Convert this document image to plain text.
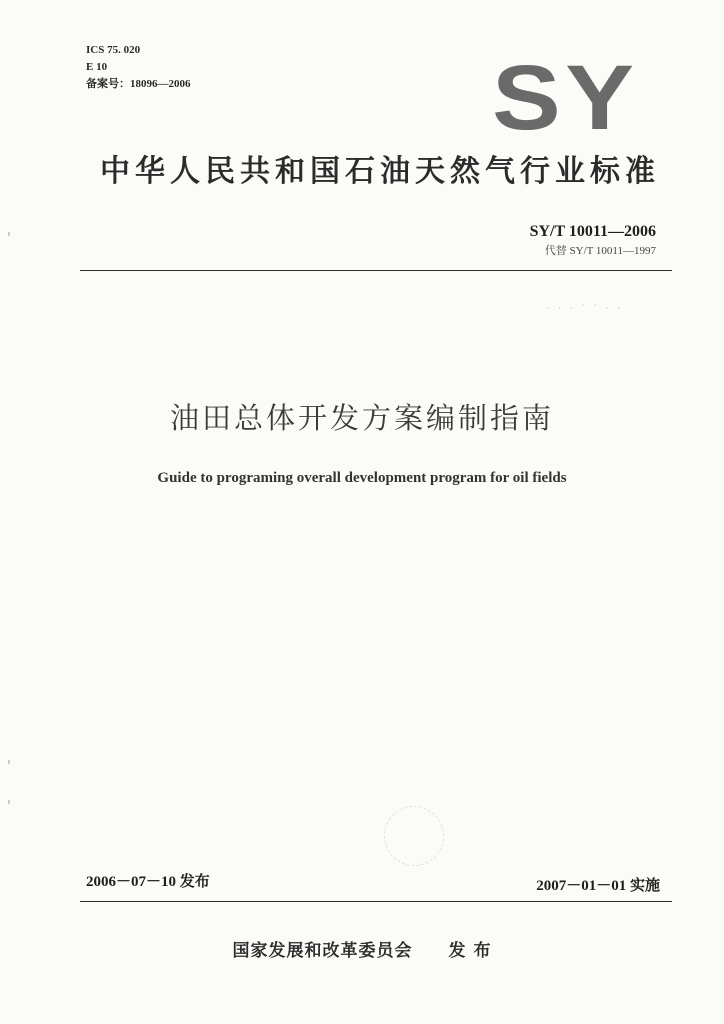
ICS 75. 020
E 10
备案号：18096—2006	SY
中华人民共和国石油天然气行业标准
SY/T 10011—2006
代替 SY/T 10011—1997
· · · ˊ ˊ · ·
油田总体开发方案编制指南
Guide to programing overall development program for oil fields
2006－07－10 发布	2007－01－01 实施
国家发展和改革委员会 发 布
